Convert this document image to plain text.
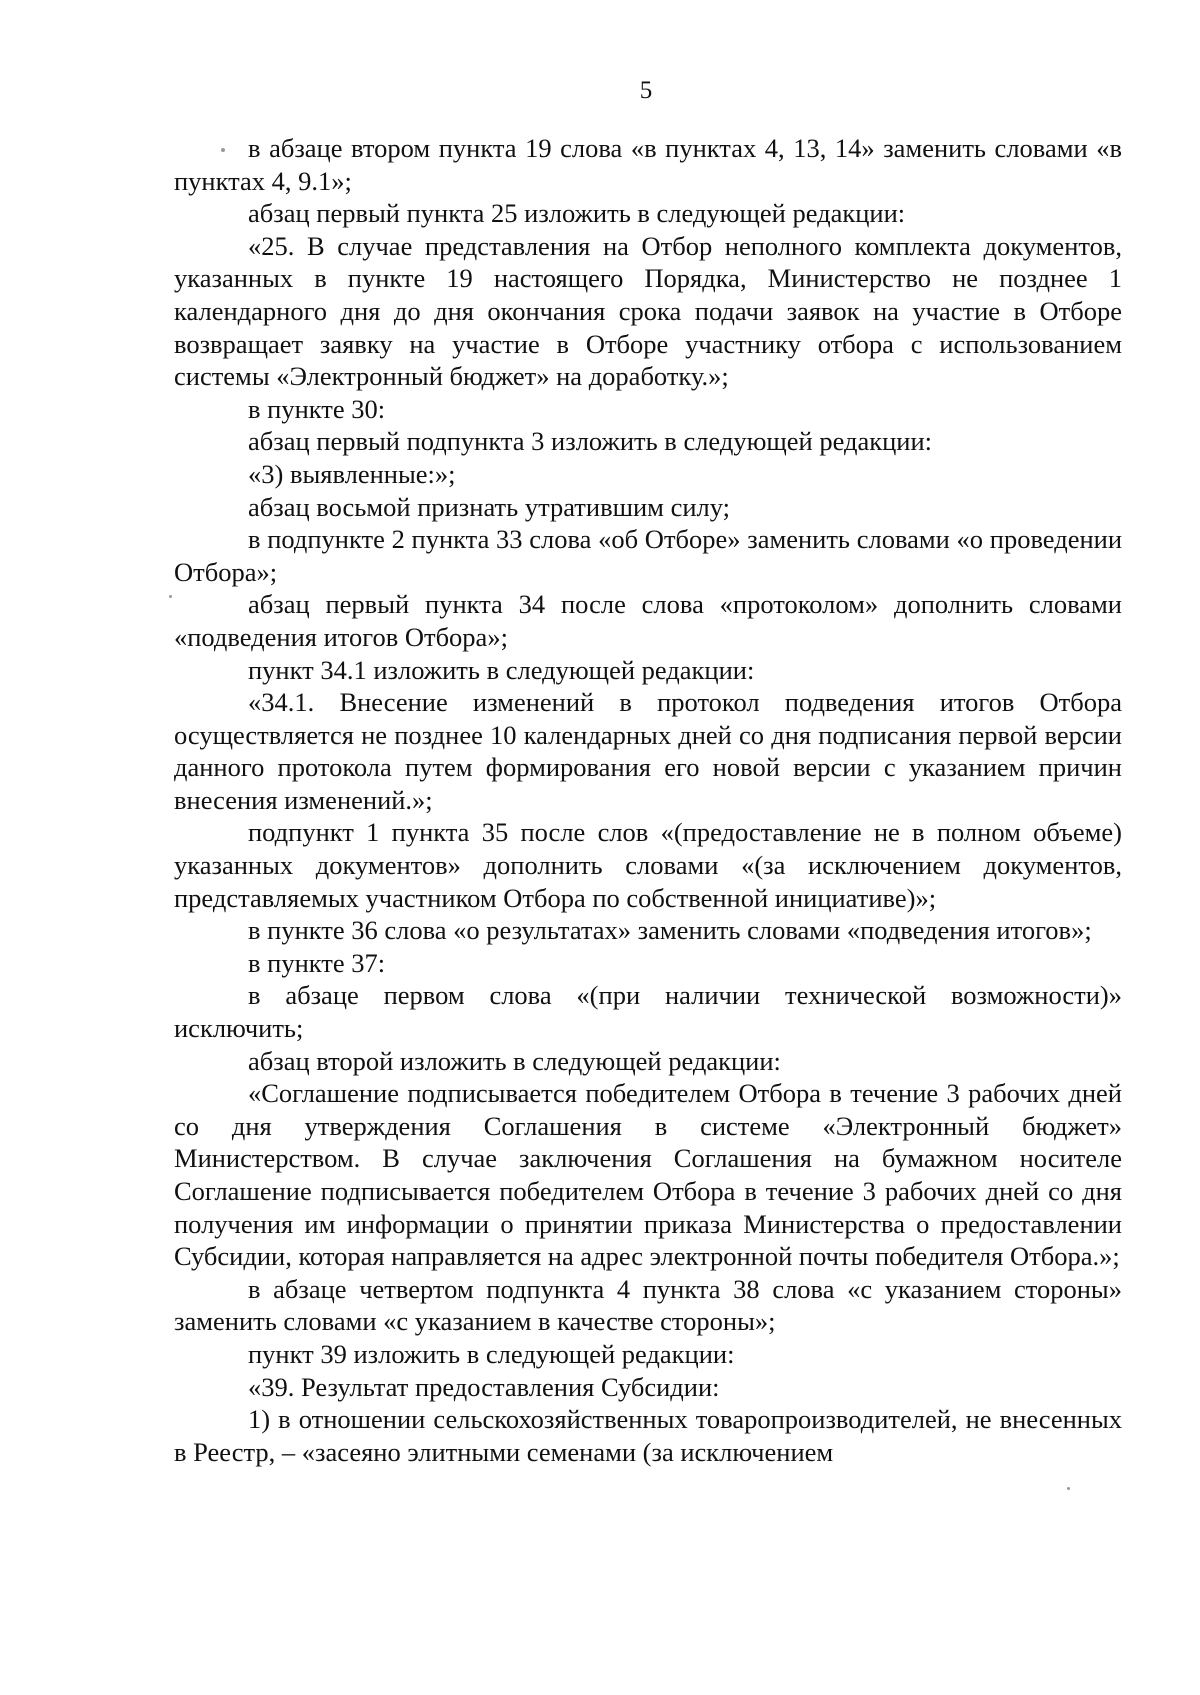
5

в абзаце втором пункта 19 слова «в пунктах 4, 13, 14» заменить словами «в пунктах 4, 9.1»;

абзац первый пункта 25 изложить в следующей редакции:

«25. В случае представления на Отбор неполного комплекта документов, указанных в пункте 19 настоящего Порядка, Министерство не позднее 1 календарного дня до дня окончания срока подачи заявок на участие в Отборе возвращает заявку на участие в Отборе участнику отбора с использованием системы «Электронный бюджет» на доработку.»;

в пункте 30:

абзац первый подпункта 3 изложить в следующей редакции:

«3) выявленные:»;

абзац восьмой признать утратившим силу;

в подпункте 2 пункта 33 слова «об Отборе» заменить словами «о проведении Отбора»;

абзац первый пункта 34 после слова «протоколом» дополнить словами «подведения итогов Отбора»;

пункт 34.1 изложить в следующей редакции:

«34.1. Внесение изменений в протокол подведения итогов Отбора осуществляется не позднее 10 календарных дней со дня подписания первой версии данного протокола путем формирования его новой версии с указанием причин внесения изменений.»;

подпункт 1 пункта 35 после слов «(предоставление не в полном объеме) указанных документов» дополнить словами «(за исключением документов, представляемых участником Отбора по собственной инициативе)»;

в пункте 36 слова «о результатах» заменить словами «подведения итогов»;

в пункте 37:

в абзаце первом слова «(при наличии технической возможности)» исключить;

абзац второй изложить в следующей редакции:

«Соглашение подписывается победителем Отбора в течение 3 рабочих дней со дня утверждения Соглашения в системе «Электронный бюджет» Министерством. В случае заключения Соглашения на бумажном носителе Соглашение подписывается победителем Отбора в течение 3 рабочих дней со дня получения им информации о принятии приказа Министерства о предоставлении Субсидии, которая направляется на адрес электронной почты победителя Отбора.»;

в абзаце четвертом подпункта 4 пункта 38 слова «с указанием стороны» заменить словами «с указанием в качестве стороны»;

пункт 39 изложить в следующей редакции:

«39. Результат предоставления Субсидии:

1) в отношении сельскохозяйственных товаропроизводителей, не внесенных в Реестр, – «засеяно элитными семенами (за исключением
